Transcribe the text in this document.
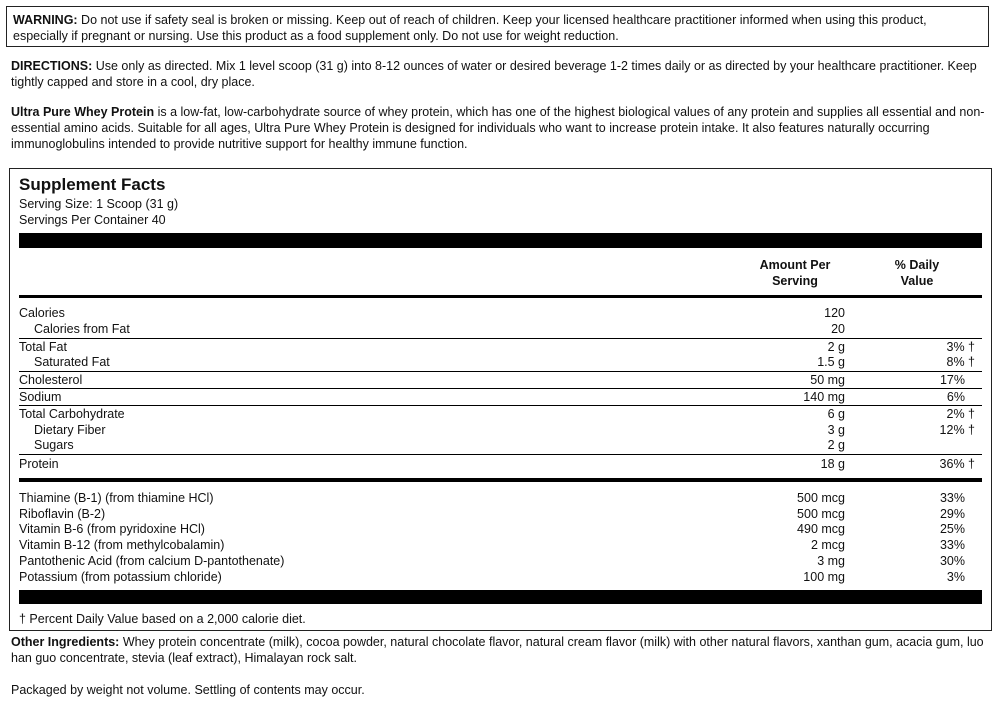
WARNING: Do not use if safety seal is broken or missing. Keep out of reach of children. Keep your licensed healthcare practitioner informed when using this product, especially if pregnant or nursing. Use this product as a food supplement only. Do not use for weight reduction.
DIRECTIONS: Use only as directed. Mix 1 level scoop (31 g) into 8-12 ounces of water or desired beverage 1-2 times daily or as directed by your healthcare practitioner. Keep tightly capped and store in a cool, dry place.
Ultra Pure Whey Protein is a low-fat, low-carbohydrate source of whey protein, which has one of the highest biological values of any protein and supplies all essential and non-essential amino acids. Suitable for all ages, Ultra Pure Whey Protein is designed for individuals who want to increase protein intake. It also features naturally occurring immunoglobulins intended to provide nutritive support for healthy immune function.
Supplement Facts
Serving Size: 1 Scoop (31 g)
Servings Per Container 40
Amount Per
Serving
% Daily
Value
Calories	120
Calories from Fat	20
Total Fat	2 g	3% †
Saturated Fat	1.5 g	8% †
Cholesterol	50 mg	17%
Sodium	140 mg	6%
Total Carbohydrate	6 g	2% †
Dietary Fiber	3 g	12% †
Sugars	2 g
Protein	18 g	36% †
Thiamine (B-1) (from thiamine HCl)	500 mcg	33%
Riboflavin (B-2)	500 mcg	29%
Vitamin B-6 (from pyridoxine HCl)	490 mcg	25%
Vitamin B-12 (from methylcobalamin)	2 mcg	33%
Pantothenic Acid (from calcium D-pantothenate)	3 mg	30%
Potassium (from potassium chloride)	100 mg	3%
† Percent Daily Value based on a 2,000 calorie diet.
Other Ingredients: Whey protein concentrate (milk), cocoa powder, natural chocolate flavor, natural cream flavor (milk) with other natural flavors, xanthan gum, acacia gum, luo han guo concentrate, stevia (leaf extract), Himalayan rock salt.
Packaged by weight not volume. Settling of contents may occur.
